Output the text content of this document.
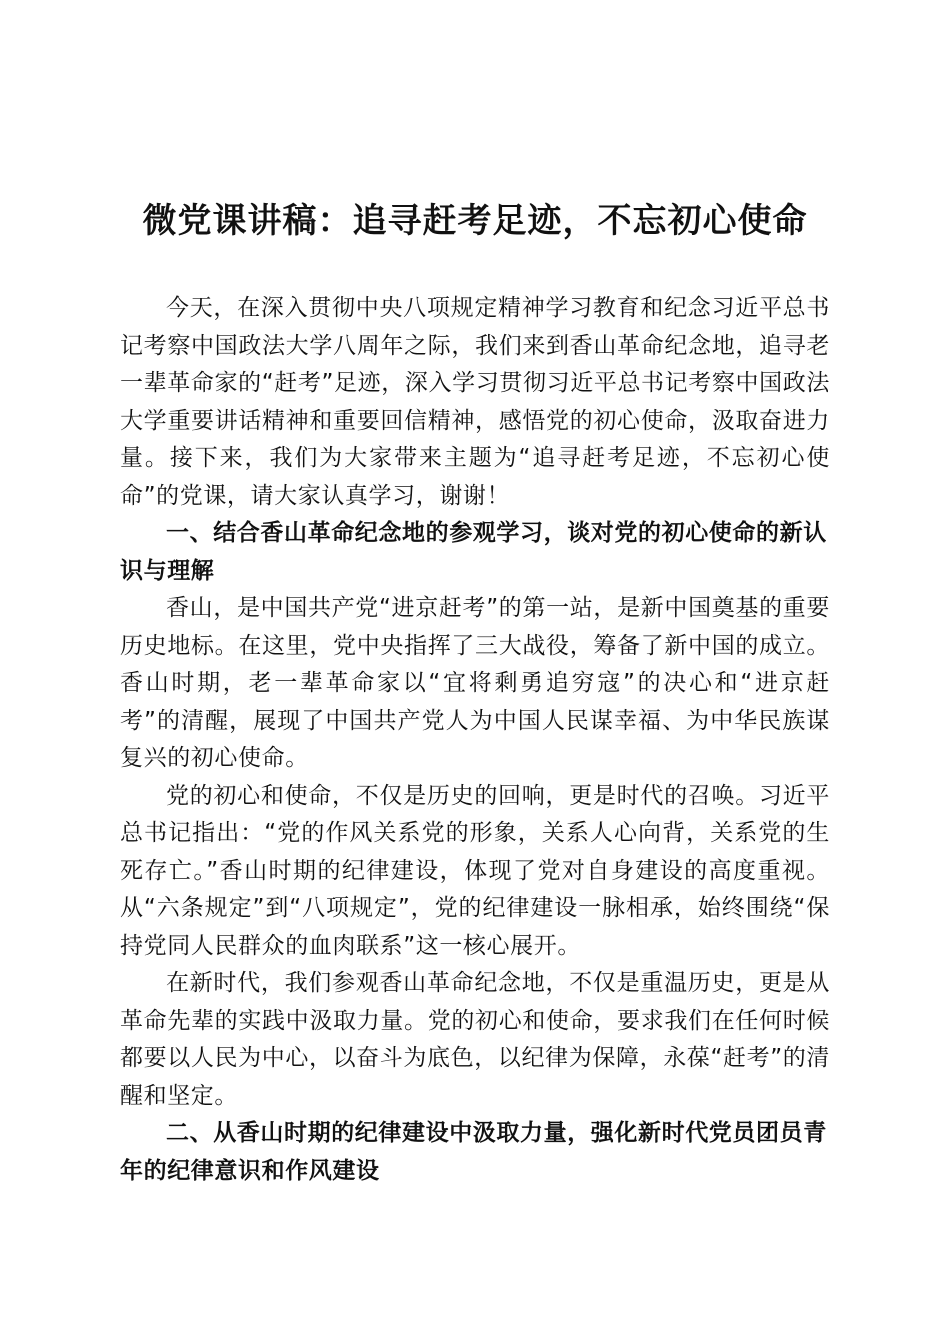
微党课讲稿：追寻赶考足迹，不忘初心使命

今天，在深入贯彻中央八项规定精神学习教育和纪念习近平总书记考察中国政法大学八周年之际，我们来到香山革命纪念地，追寻老一辈革命家的“赶考”足迹，深入学习贯彻习近平总书记考察中国政法大学重要讲话精神和重要回信精神，感悟党的初心使命，汲取奋进力量。接下来，我们为大家带来主题为“追寻赶考足迹，不忘初心使命”的党课，请大家认真学习，谢谢！

一、结合香山革命纪念地的参观学习，谈对党的初心使命的新认识与理解

香山，是中国共产党“进京赶考”的第一站，是新中国奠基的重要历史地标。在这里，党中央指挥了三大战役，筹备了新中国的成立。香山时期，老一辈革命家以“宜将剩勇追穷寇”的决心和“进京赶考”的清醒，展现了中国共产党人为中国人民谋幸福、为中华民族谋复兴的初心使命。

党的初心和使命，不仅是历史的回响，更是时代的召唤。习近平总书记指出：“党的作风关系党的形象，关系人心向背，关系党的生死存亡。”香山时期的纪律建设，体现了党对自身建设的高度重视。从“六条规定”到“八项规定”，党的纪律建设一脉相承，始终围绕“保持党同人民群众的血肉联系”这一核心展开。

在新时代，我们参观香山革命纪念地，不仅是重温历史，更是从革命先辈的实践中汲取力量。党的初心和使命，要求我们在任何时候都要以人民为中心，以奋斗为底色，以纪律为保障，永葆“赶考”的清醒和坚定。

二、从香山时期的纪律建设中汲取力量，强化新时代党员团员青年的纪律意识和作风建设
